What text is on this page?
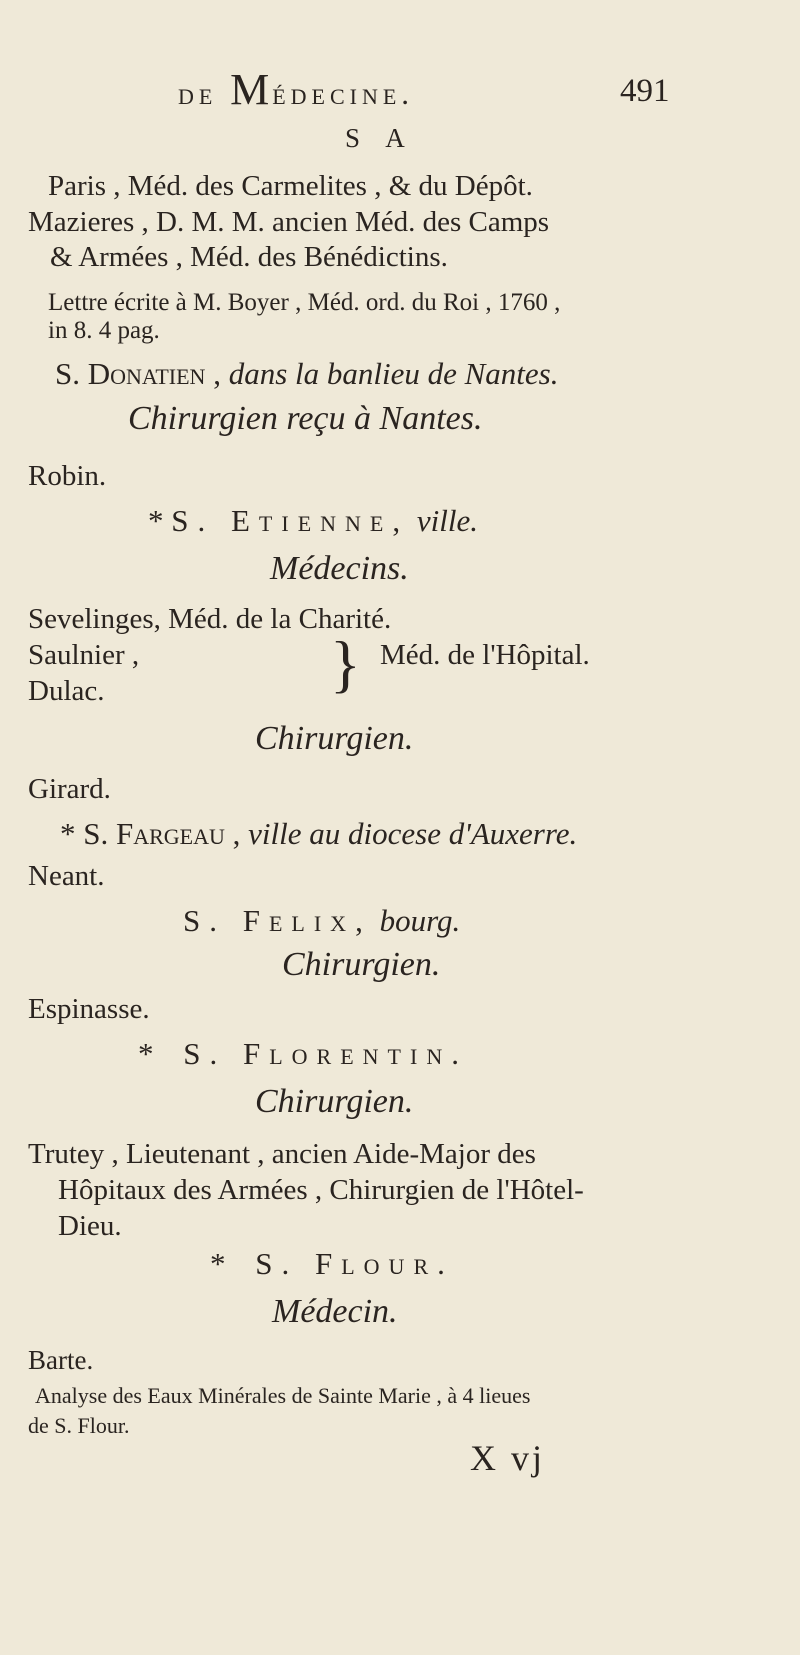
de Médecine.	491
S A
Paris , Méd. des Carmelites , & du Dépôt.
Mazieres , D. M. M. ancien Méd. des Camps
& Armées , Méd. des Bénédictins.
Lettre écrite à M. Boyer , Méd. ord. du Roi , 1760 ,
in 8. 4 pag.
S. Donatien , dans la banlieu de Nantes.
Chirurgien reçu à Nantes.
Robin.
* S. Etienne, ville.
Médecins.
Sevelinges, Méd. de la Charité.
Saulnier ,
Dulac.	} Méd. de l'Hôpital.
Chirurgien.
Girard.
* S. Fargeau , ville au diocese d'Auxerre.
Neant.
S. Felix, bourg.
Chirurgien.
Espinasse.
* S. Florentin.
Chirurgien.
Trutey , Lieutenant , ancien Aide-Major des
Hôpitaux des Armées , Chirurgien de l'Hôtel-
Dieu.
* S. Flour.
Médecin.
Barte.
Analyse des Eaux Minérales de Sainte Marie , à 4 lieues
de S. Flour.
X vj
